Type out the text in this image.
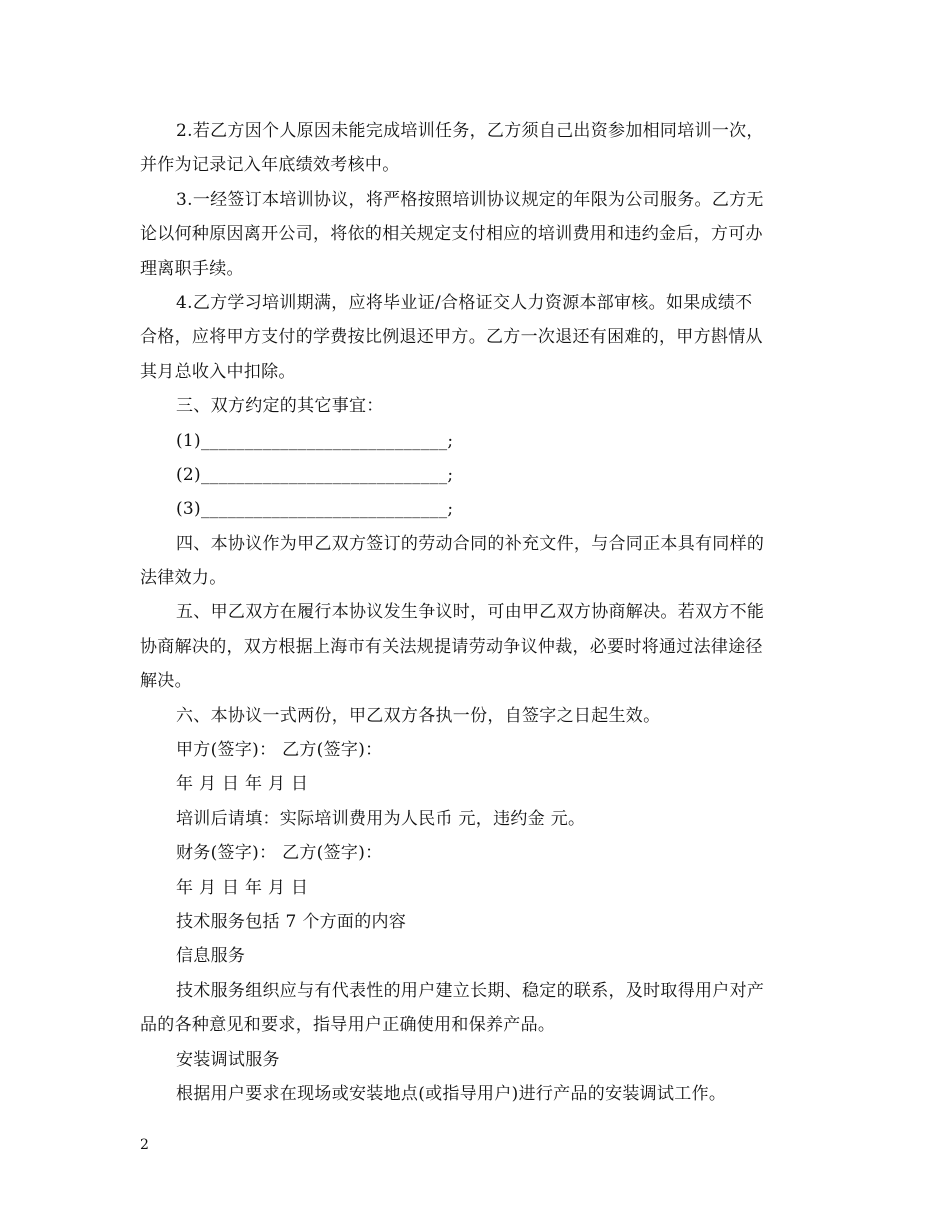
2.若乙方因个人原因未能完成培训任务，乙方须自己出资参加相同培训一次，
并作为记录记入年底绩效考核中。
3.一经签订本培训协议，将严格按照培训协议规定的年限为公司服务。乙方无
论以何种原因离开公司，将依的相关规定支付相应的培训费用和违约金后，方可办
理离职手续。
4.乙方学习培训期满，应将毕业证/合格证交人力资源本部审核。如果成绩不
合格，应将甲方支付的学费按比例退还甲方。乙方一次退还有困难的，甲方斟情从
其月总收入中扣除。
三、双方约定的其它事宜：
(1)____________________________;
(2)____________________________;
(3)____________________________;
四、本协议作为甲乙双方签订的劳动合同的补充文件，与合同正本具有同样的
法律效力。
五、甲乙双方在履行本协议发生争议时，可由甲乙双方协商解决。若双方不能
协商解决的，双方根据上海市有关法规提请劳动争议仲裁，必要时将通过法律途径
解决。
六、本协议一式两份，甲乙双方各执一份，自签字之日起生效。
甲方(签字)： 乙方(签字)：
年 月 日 年 月 日
培训后请填：实际培训费用为人民币 元，违约金 元。
财务(签字)： 乙方(签字)：
年 月 日 年 月 日
技术服务包括 7 个方面的内容
信息服务
技术服务组织应与有代表性的用户建立长期、稳定的联系，及时取得用户对产
品的各种意见和要求，指导用户正确使用和保养产品。
安装调试服务
根据用户要求在现场或安装地点(或指导用户)进行产品的安装调试工作。
2
